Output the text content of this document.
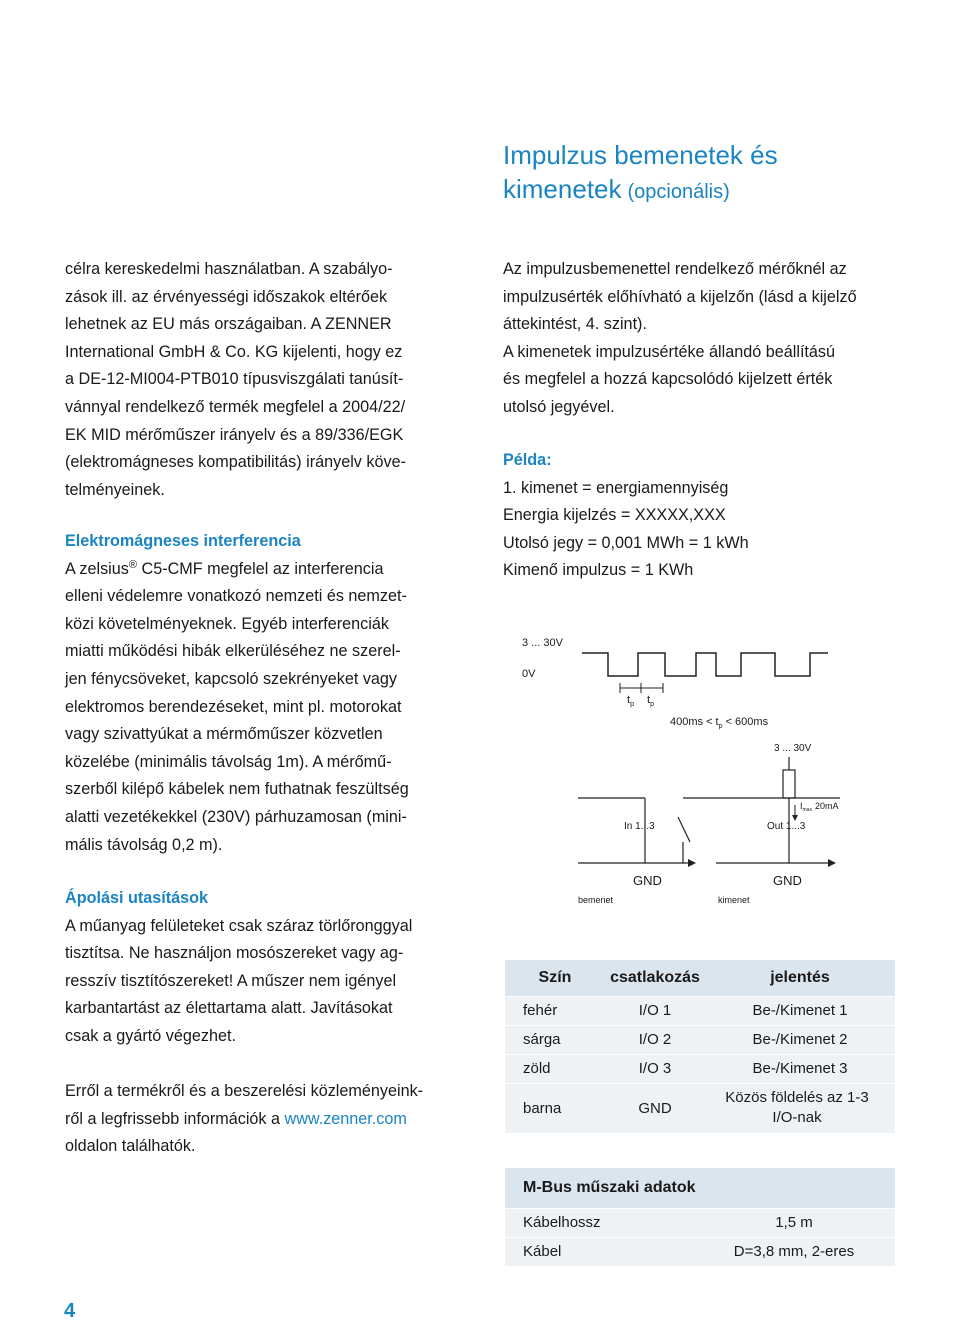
Impulzus bemenetek és
kimenetek (opcionális)

célra kereskedelmi használatban. A szabályo-

zások ill. az érvényességi időszakok eltérőek

lehetnek az EU más országaiban. A ZENNER

International GmbH & Co. KG kijelenti, hogy ez

a DE-12-MI004-PTB010 típusviszgálati tanúsít-

vánnyal rendelkező termék megfelel a 2004/22/

EK MID mérőműszer irányelv és a 89/336/EGK

(elektromágneses kompatibilitás) irányelv köve-

telményeinek.

Elektromágneses interferencia

A zelsius® C5-CMF megfelel az interferencia

elleni védelemre vonatkozó nemzeti és nemzet-

közi követelményeknek. Egyéb interferenciák

miatti működési hibák elkerüléséhez ne szerel-

jen fénycsöveket, kapcsoló szekrényeket vagy

elektromos berendezéseket, mint pl. motorokat

vagy szivattyúkat a mérmőműszer közvetlen

közelébe (minimális távolság 1m). A mérőmű-

szerből kilépő kábelek nem futhatnak feszültség

alatti vezetékekkel (230V) párhuzamosan (mini-

mális távolság 0,2 m).

Ápolási utasítások

A műanyag felületeket csak száraz törlőronggyal

tisztítsa. Ne használjon mosószereket vagy ag-

resszív tisztítószereket! A műszer nem igényel

karbantartást az élettartama alatt. Javításokat

csak a gyártó végezhet.

Erről a termékről és a beszerelési közleményeink-

ről a legfrissebb információk a www.zenner.com

oldalon találhatók.

Az impulzusbemenettel rendelkező mérőknél az

impulzusérték előhívható a kijelzőn (lásd a kijelző

áttekintést, 4. szint).

A kimenetek impulzusértéke állandó beállítású

és megfelel a hozzá kapcsolódó kijelzett érték

utolsó jegyével.

Példa:

1. kimenet = energiamennyiség

Energia kijelzés = XXXXX,XXX

Utolsó jegy = 0,001 MWh = 1 kWh

Kimenő impulzus = 1 KWh

3 ... 30V
0V
$t_p$ $t_p$
$400ms < t_p < 600ms$
3 ... 30V
$I_{max}$ 20mA
In 1...3	Out 1...3
GND	GND
bemenet	kimenet
Szín	csatlakozás	jelentés
fehér	I/O 1	Be-/Kimenet 1
sárga	I/O 2	Be-/Kimenet 2
zöld	I/O 3	Be-/Kimenet 3
barna	GND	Közös földelés az 1-3 I/O-nak
M-Bus műszaki adatok	
Kábelhossz	1,5 m
Kábel	D=3,8 mm, 2-eres
4
